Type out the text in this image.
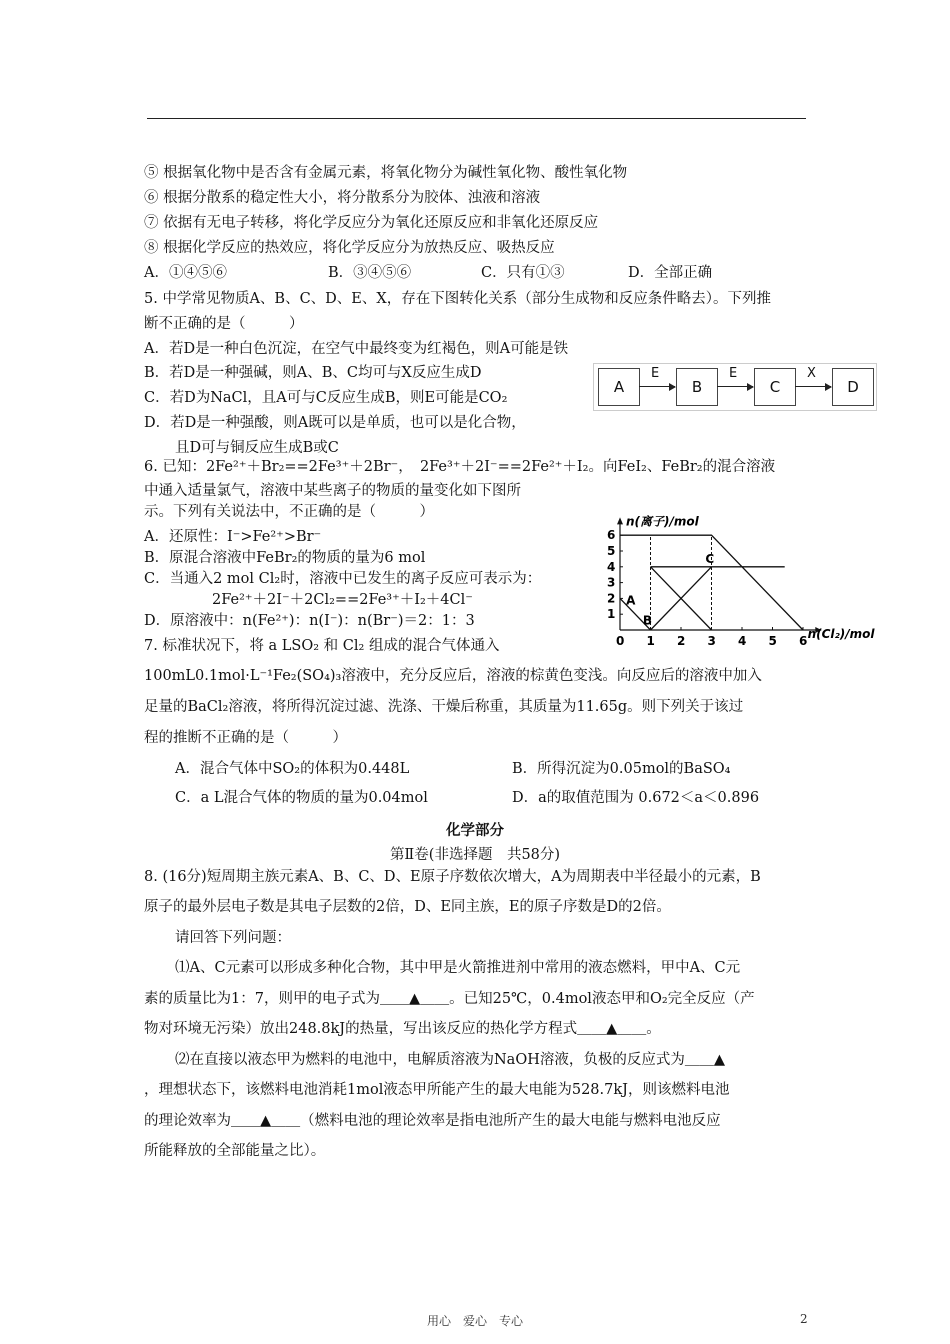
⑤ 根据氧化物中是否含有金属元素，将氧化物分为碱性氧化物、酸性氧化物
⑥ 根据分散系的稳定性大小，将分散系分为胶体、浊液和溶液
⑦ 依据有无电子转移，将化学反应分为氧化还原反应和非氧化还原反应
⑧ 根据化学反应的热效应，将化学反应分为放热反应、吸热反应
A．①④⑤⑥	B．③④⑤⑥	C．只有①③	D．全部正确
5. 中学常见物质A、B、C、D、E、X，存在下图转化关系（部分生成物和反应条件略去）。下列推
断不正确的是（　　　）
A．若D是一种白色沉淀，在空气中最终变为红褐色，则A可能是铁
B．若D是一种强碱，则A、B、C均可与X反应生成D
C．若D为NaCl，且A可与C反应生成B，则E可能是CO₂
D．若D是一种强酸，则A既可以是单质，也可以是化合物，
且D可与铜反应生成B或C
A
E
B
E
C
X
D
6. 已知：2Fe²⁺＋Br₂==2Fe³⁺＋2Br⁻，　2Fe³⁺＋2I⁻==2Fe²⁺＋I₂。向FeI₂、FeBr₂的混合溶液
中通入适量氯气，溶液中某些离子的物质的量变化如下图所
示。下列有关说法中，不正确的是（　　　）
A．还原性：I⁻>Fe²⁺>Br⁻
B．原混合溶液中FeBr₂的物质的量为6 mol
C．当通入2 mol Cl₂时，溶液中已发生的离子反应可表示为：
2Fe²⁺＋2I⁻＋2Cl₂==2Fe³⁺＋I₂＋4Cl⁻
D．原溶液中：n(Fe²⁺)：n(I⁻)：n(Br⁻)＝2：1：3
n(离子)/mol
n(Cl₂)/mol
0 1 2 3 4 5 6
1
2
3
4
5
6
A
B
C
7. 标准状况下，将 a LSO₂ 和 Cl₂ 组成的混合气体通入
100mL0.1mol·L⁻¹Fe₂(SO₄)₃溶液中，充分反应后，溶液的棕黄色变浅。向反应后的溶液中加入
足量的BaCl₂溶液，将所得沉淀过滤、洗涤、干燥后称重，其质量为11.65g。则下列关于该过
程的推断不正确的是（　　　）
A．混合气体中SO₂的体积为0.448L	B．所得沉淀为0.05mol的BaSO₄
C．a L混合气体的物质的量为0.04mol	D．a的取值范围为 0.672＜a＜0.896
化学部分
第Ⅱ卷(非选择题　共58分)
8. (16分)短周期主族元素A、B、C、D、E原子序数依次增大，A为周期表中半径最小的元素，B
原子的最外层电子数是其电子层数的2倍，D、E同主族，E的原子序数是D的2倍。
请回答下列问题：
⑴A、C元素可以形成多种化合物，其中甲是火箭推进剂中常用的液态燃料，甲中A、C元
素的质量比为1：7，则甲的电子式为＿＿▲＿＿。已知25℃，0.4mol液态甲和O₂完全反应（产
物对环境无污染）放出248.8kJ的热量，写出该反应的热化学方程式＿＿▲＿＿。
⑵在直接以液态甲为燃料的电池中，电解质溶液为NaOH溶液，负极的反应式为＿＿▲
，理想状态下，该燃料电池消耗1mol液态甲所能产生的最大电能为528.7kJ，则该燃料电池
的理论效率为＿＿▲＿＿（燃料电池的理论效率是指电池所产生的最大电能与燃料电池反应
所能释放的全部能量之比）。
用心　爱心　专心	2
